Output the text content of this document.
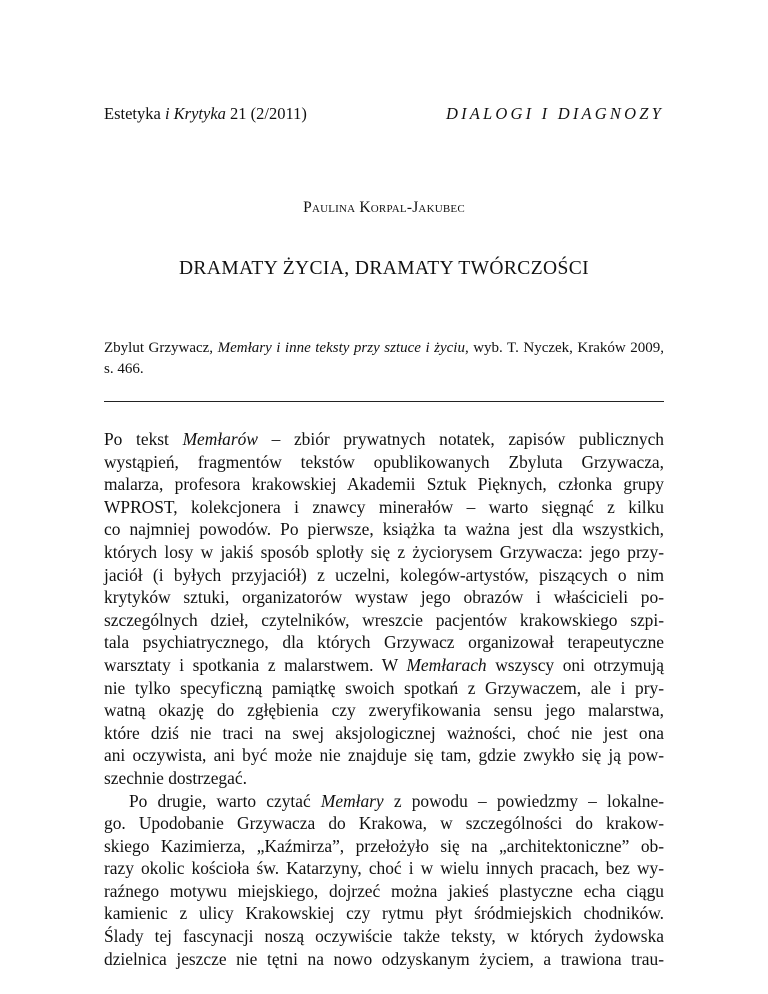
Estetyka i Krytyka 21 (2/2011)	DIALOGI I DIAGNOZY
Paulina Korpal-Jakubec
DRAMATY ŻYCIA, DRAMATY TWÓRCZOŚCI
Zbylut Grzywacz, Memłary i inne teksty przy sztuce i życiu, wyb. T. Nyczek, Kraków 2009, s. 466.
Po tekst Memłarów – zbiór prywatnych notatek, zapisów publicznych
wystąpień, fragmentów tekstów opublikowanych Zbyluta Grzywacza,
malarza, profesora krakowskiej Akademii Sztuk Pięknych, członka grupy
WPROST, kolekcjonera i znawcy minerałów – warto sięgnąć z kilku
co najmniej powodów. Po pierwsze, książka ta ważna jest dla wszystkich,
których losy w jakiś sposób splotły się z życiorysem Grzywacza: jego przy-
jaciół (i byłych przyjaciół) z uczelni, kolegów-artystów, piszących o nim
krytyków sztuki, organizatorów wystaw jego obrazów i właścicieli po-
szczególnych dzieł, czytelników, wreszcie pacjentów krakowskiego szpi-
tala psychiatrycznego, dla których Grzywacz organizował terapeutyczne
warsztaty i spotkania z malarstwem. W Memłarach wszyscy oni otrzymują
nie tylko specyficzną pamiątkę swoich spotkań z Grzywaczem, ale i pry-
watną okazję do zgłębienia czy zweryfikowania sensu jego malarstwa,
które dziś nie traci na swej aksjologicznej ważności, choć nie jest ona
ani oczywista, ani być może nie znajduje się tam, gdzie zwykło się ją pow-
szechnie dostrzegać.
Po drugie, warto czytać Memłary z powodu – powiedzmy – lokalne-
go. Upodobanie Grzywacza do Krakowa, w szczególności do krakow-
skiego Kazimierza, „Kaźmirza”, przełożyło się na „architektoniczne” ob-
razy okolic kościoła św. Katarzyny, choć i w wielu innych pracach, bez wy-
raźnego motywu miejskiego, dojrzeć można jakieś plastyczne echa ciągu
kamienic z ulicy Krakowskiej czy rytmu płyt śródmiejskich chodników.
Ślady tej fascynacji noszą oczywiście także teksty, w których żydowska
dzielnica jeszcze nie tętni na nowo odzyskanym życiem, a trawiona trau-
